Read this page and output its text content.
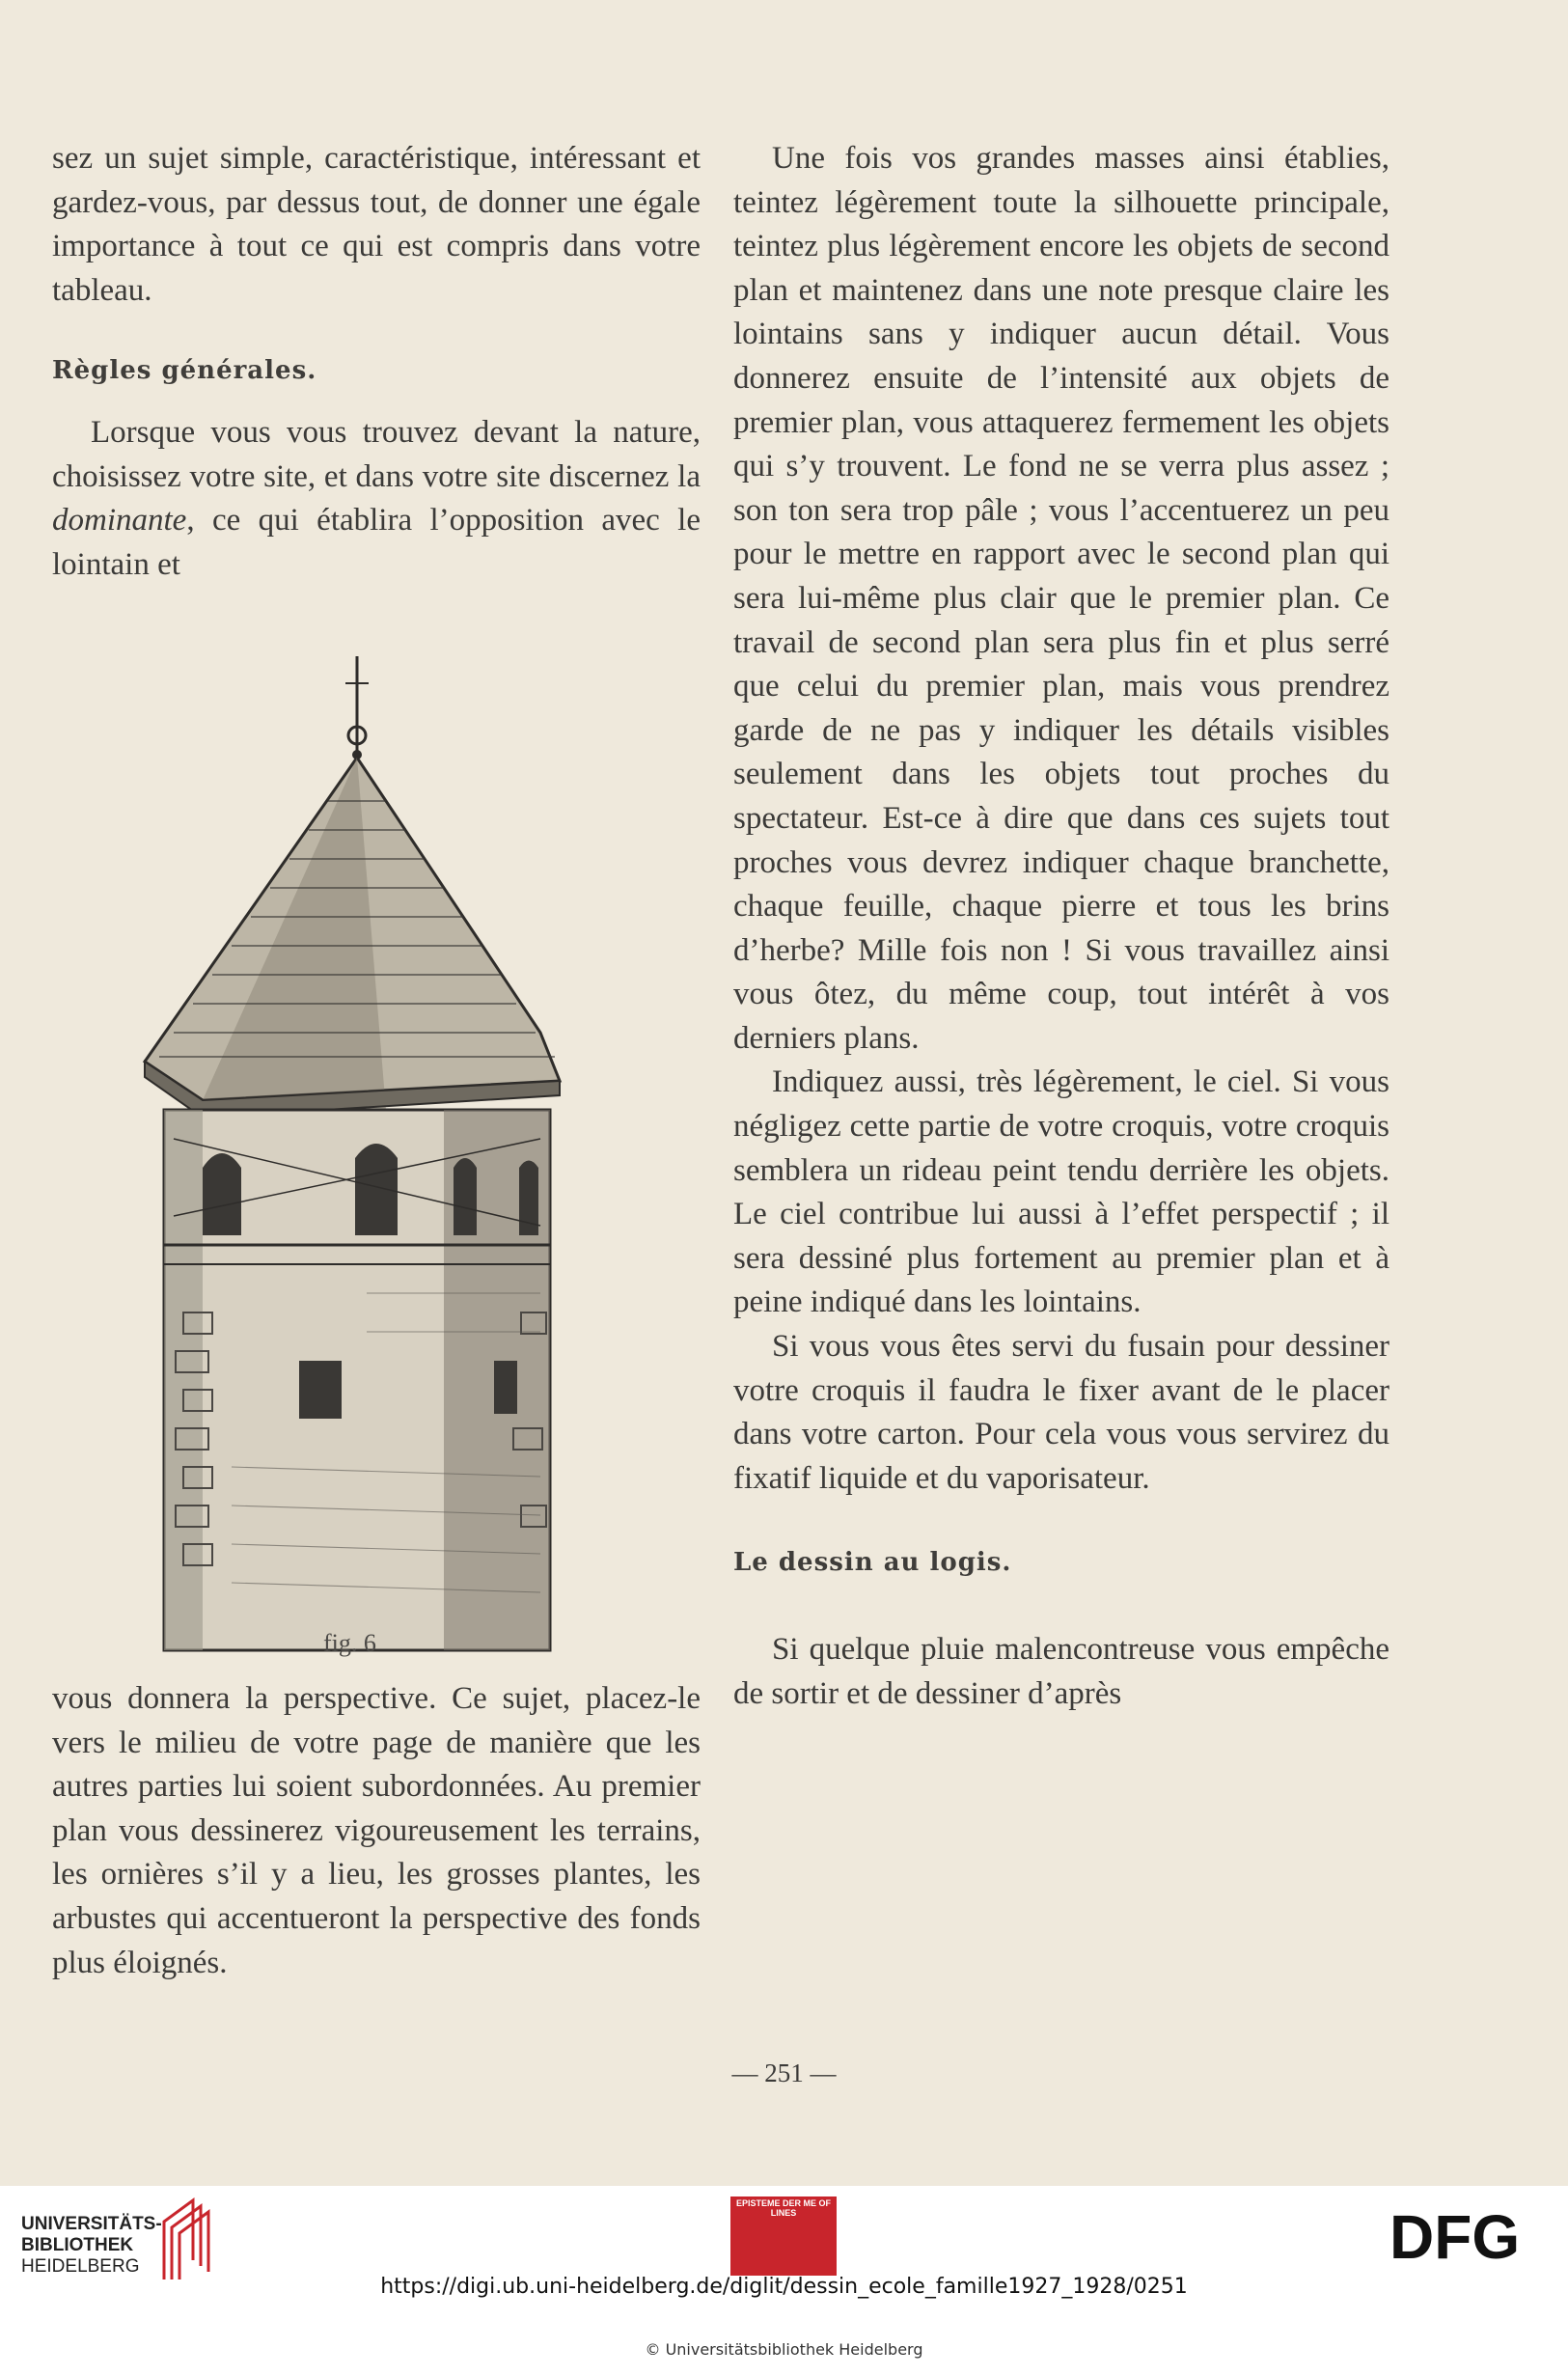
sez un sujet simple, caractéristique, intéressant et gardez-vous, par dessus tout, de donner une égale importance à tout ce qui est compris dans votre tableau.

Règles générales.

Lorsque vous vous trouvez devant la nature, choisissez votre site, et dans votre site discernez la dominante, ce qui établira l’opposition avec le lointain et

fig. 6

vous donnera la perspective. Ce sujet, placez-le vers le milieu de votre page de manière que les autres parties lui soient subordonnées. Au premier plan vous dessinerez vigoureusement les terrains, les ornières s’il y a lieu, les grosses plantes, les arbustes qui accentueront la perspective des fonds plus éloignés.

Une fois vos grandes masses ainsi établies, teintez légèrement toute la silhouette principale, teintez plus légèrement encore les objets de second plan et maintenez dans une note presque claire les lointains sans y indiquer aucun détail. Vous donnerez ensuite de l’intensité aux objets de premier plan, vous attaquerez fermement les objets qui s’y trouvent. Le fond ne se verra plus assez ; son ton sera trop pâle ; vous l’accentuerez un peu pour le mettre en rapport avec le second plan qui sera lui-même plus clair que le premier plan. Ce travail de second plan sera plus fin et plus serré que celui du premier plan, mais vous prendrez garde de ne pas y indiquer les détails visibles seulement dans les objets tout proches du spectateur. Est-ce à dire que dans ces sujets tout proches vous devrez indiquer chaque branchette, chaque feuille, chaque pierre et tous les brins d’herbe? Mille fois non ! Si vous travaillez ainsi vous ôtez, du même coup, tout intérêt à vos derniers plans.

Indiquez aussi, très légèrement, le ciel. Si vous négligez cette partie de votre croquis, votre croquis semblera un rideau peint tendu derrière les objets. Le ciel contribue lui aussi à l’effet perspectif ; il sera dessiné plus fortement au premier plan et à peine indiqué dans les lointains.

Si vous vous êtes servi du fusain pour dessiner votre croquis il faudra le fixer avant de le placer dans votre carton. Pour cela vous vous servirez du fixatif liquide et du vaporisateur.

Le dessin au logis.

Si quelque pluie malencontreuse vous empêche de sortir et de dessiner d’après

— 251 —
UNIVERSITÄTS-
BIBLIOTHEK
HEIDELBERG
EPISTEME DER ME OF LINES	DFG
https://digi.ub.uni-heidelberg.de/diglit/dessin_ecole_famille1927_1928/0251
© Universitätsbibliothek Heidelberg
